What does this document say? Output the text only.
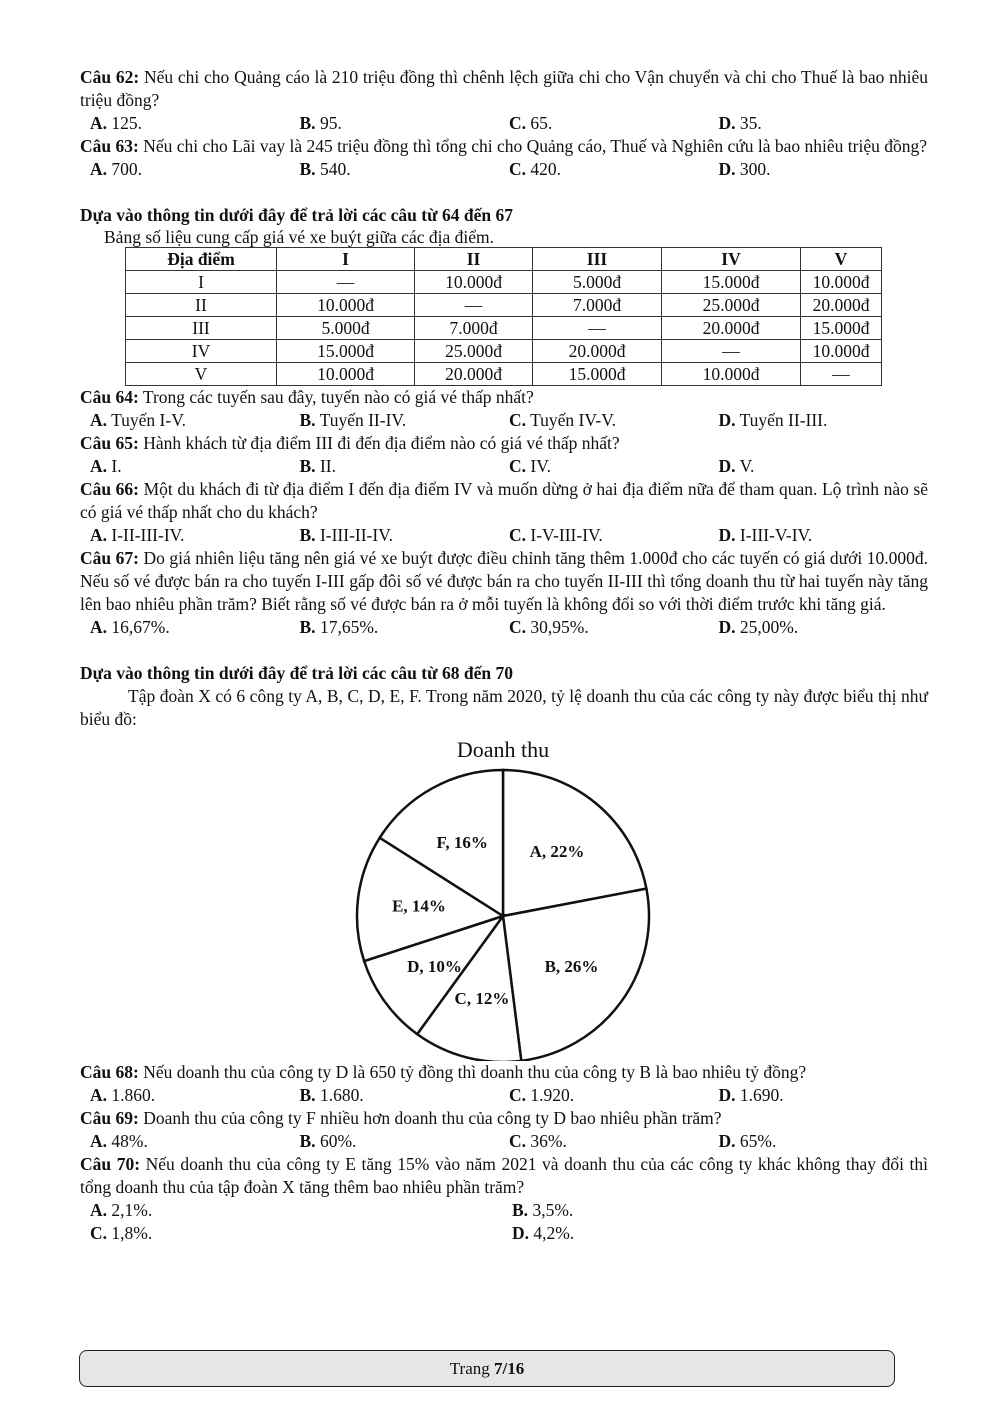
Câu 62: Nếu chi cho Quảng cáo là 210 triệu đồng thì chênh lệch giữa chi cho Vận chuyển và chi cho Thuế là bao nhiêu triệu đồng?
A. 125.	B. 95.	C. 65.	D. 35.
Câu 63: Nếu chi cho Lãi vay là 245 triệu đồng thì tổng chi cho Quảng cáo, Thuế và Nghiên cứu là bao nhiêu triệu đồng?
A. 700.	B. 540.	C. 420.	D. 300.
Dựa vào thông tin dưới đây để trả lời các câu từ 64 đến 67
Bảng số liệu cung cấp giá vé xe buýt giữa các địa điểm.
Địa điểm	I	II	III	IV	V
I	—	10.000đ	5.000đ	15.000đ	10.000đ
II	10.000đ	—	7.000đ	25.000đ	20.000đ
III	5.000đ	7.000đ	—	20.000đ	15.000đ
IV	15.000đ	25.000đ	20.000đ	—	10.000đ
V	10.000đ	20.000đ	15.000đ	10.000đ	—
Câu 64: Trong các tuyến sau đây, tuyến nào có giá vé thấp nhất?
A. Tuyến I-V.	B. Tuyến II-IV.	C. Tuyến IV-V.	D. Tuyến II-III.
Câu 65: Hành khách từ địa điểm III đi đến địa điểm nào có giá vé thấp nhất?
A. I.	B. II.	C. IV.	D. V.
Câu 66: Một du khách đi từ địa điểm I đến địa điểm IV và muốn dừng ở hai địa điểm nữa để tham quan. Lộ trình nào sẽ có giá vé thấp nhất cho du khách?
A. I-II-III-IV.	B. I-III-II-IV.	C. I-V-III-IV.	D. I-III-V-IV.
Câu 67: Do giá nhiên liệu tăng nên giá vé xe buýt được điều chỉnh tăng thêm 1.000đ cho các tuyến có giá dưới 10.000đ. Nếu số vé được bán ra cho tuyến I-III gấp đôi số vé được bán ra cho tuyến II-III thì tổng doanh thu từ hai tuyến này tăng lên bao nhiêu phần trăm? Biết rằng số vé được bán ra ở mỗi tuyến là không đổi so với thời điểm trước khi tăng giá.
A. 16,67%.	B. 17,65%.	C. 30,95%.	D. 25,00%.
Dựa vào thông tin dưới đây để trả lời các câu từ 68 đến 70
Tập đoàn X có 6 công ty A, B, C, D, E, F. Trong năm 2020, tỷ lệ doanh thu của các công ty này được biểu thị như biểu đồ:
Doanh thu
A, 22%
B, 26%
C, 12%
D, 10%
E, 14%
F, 16%
Câu 68: Nếu doanh thu của công ty D là 650 tỷ đồng thì doanh thu của công ty B là bao nhiêu tỷ đồng?
A. 1.860.	B. 1.680.	C. 1.920.	D. 1.690.
Câu 69: Doanh thu của công ty F nhiều hơn doanh thu của công ty D bao nhiêu phần trăm?
A. 48%.	B. 60%.	C. 36%.	D. 65%.
Câu 70: Nếu doanh thu của công ty E tăng 15% vào năm 2021 và doanh thu của các công ty khác không thay đổi thì tổng doanh thu của tập đoàn X tăng thêm bao nhiêu phần trăm?
A. 2,1%.	B. 3,5%.
C. 1,8%.	D. 4,2%.
Trang
7/16
